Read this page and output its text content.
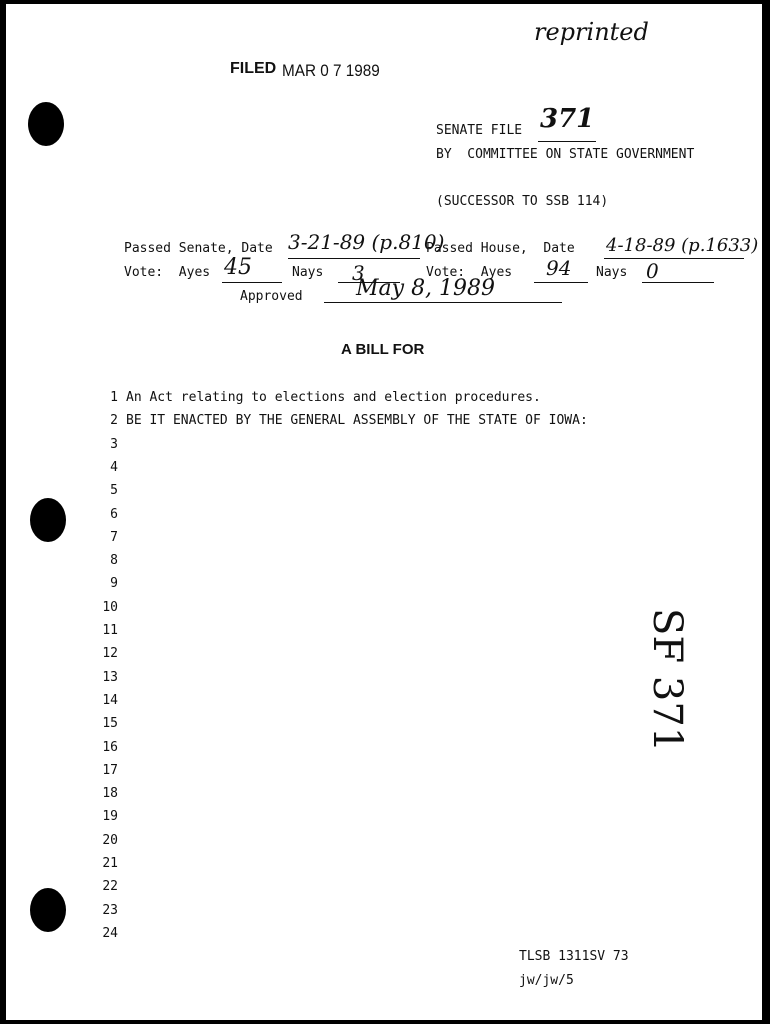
reprinted
FILED MAR 0 7 1989
SENATE FILE 371
BY  COMMITTEE ON STATE GOVERNMENT
(SUCCESSOR TO SSB 114)
Passed Senate, Date 3-21-89 (p.810)
Passed House,  Date 4-18-89 (p.1633)
Vote:  Ayes 45	Nays 3	Vote:  Ayes 94 Nays 0
Approved May 8, 1989
A BILL FOR
1 An Act relating to elections and election procedures.
2 BE IT ENACTED BY THE GENERAL ASSEMBLY OF THE STATE OF IOWA:
3
4
5
6
7
8
9
10
11
12
13
14
15
16
17
18
19
20
21
22
23
24
SF 371
TLSB 1311SV 73
jw/jw/5
